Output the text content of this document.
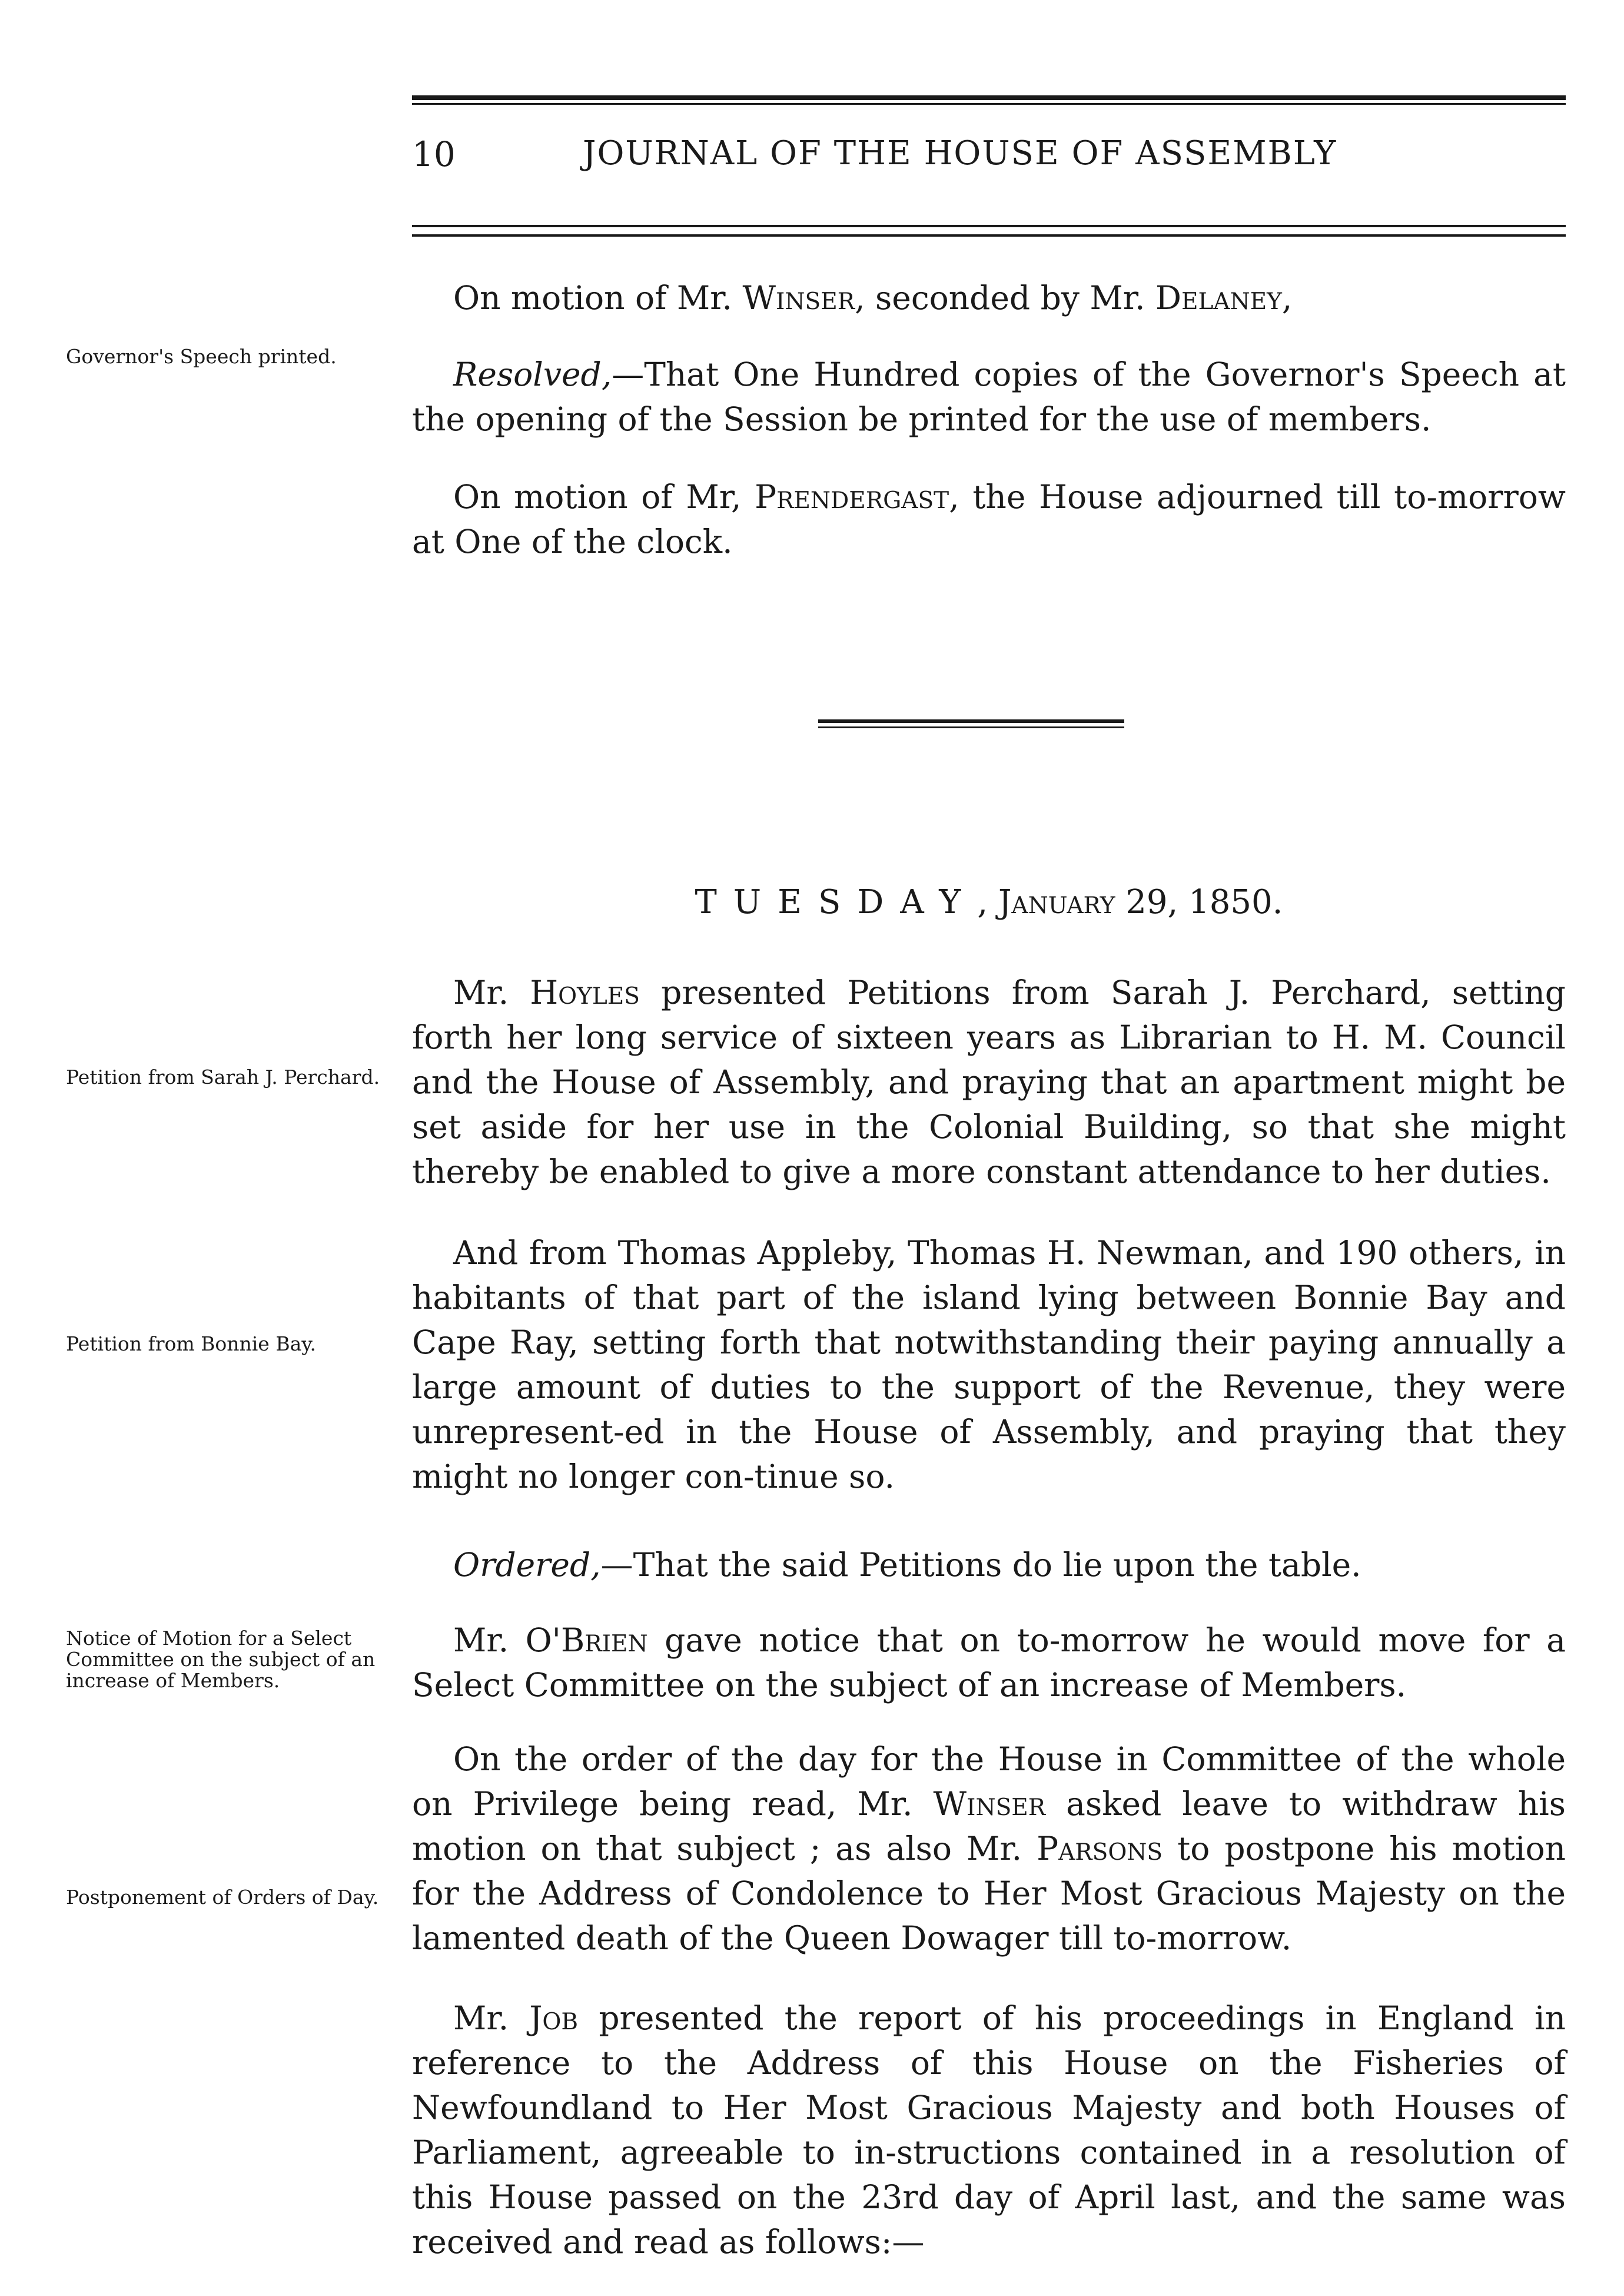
10	JOURNAL OF THE HOUSE OF ASSEMBLY
Governor's Speech printed.
Petition from Sarah J. Perchard.
Petition from Bonnie Bay.
Notice of Motion for a Select Committee on the subject of an increase of Members.
Postponement of Orders of Day.

On motion of Mr. Winser, seconded by Mr. Delaney,

Resolved,—That One Hundred copies of the Governor's Speech at the opening of the Session be printed for the use of members.

On motion of Mr, Prendergast, the House adjourned till to-morrow at One of the clock.

TUESDAY, January 29, 1850.

Mr. Hoyles presented Petitions from Sarah J. Perchard, setting forth her long service of sixteen years as Librarian to H. M. Council and the House of Assembly, and praying that an apartment might be set aside for her use in the Colonial Building, so that she might thereby be enabled to give a more constant attendance to her duties.

And from Thomas Appleby, Thomas H. Newman, and 190 others, in habitants of that part of the island lying between Bonnie Bay and Cape Ray, setting forth that notwithstanding their paying annually a large amount of duties to the support of the Revenue, they were unrepresent-ed in the House of Assembly, and praying that they might no longer con-tinue so.

Ordered,—That the said Petitions do lie upon the table.

Mr. O'Brien gave notice that on to-morrow he would move for a Select Committee on the subject of an increase of Members.

On the order of the day for the House in Committee of the whole on Privilege being read, Mr. Winser asked leave to withdraw his motion on that subject ; as also Mr. Parsons to postpone his motion for the Address of Condolence to Her Most Gracious Majesty on the lamented death of the Queen Dowager till to-morrow.

Mr. Job presented the report of his proceedings in England in reference to the Address of this House on the Fisheries of Newfoundland to Her Most Gracious Majesty and both Houses of Parliament, agreeable to in-structions contained in a resolution of this House passed on the 23rd day of April last, and the same was received and read as follows:—
